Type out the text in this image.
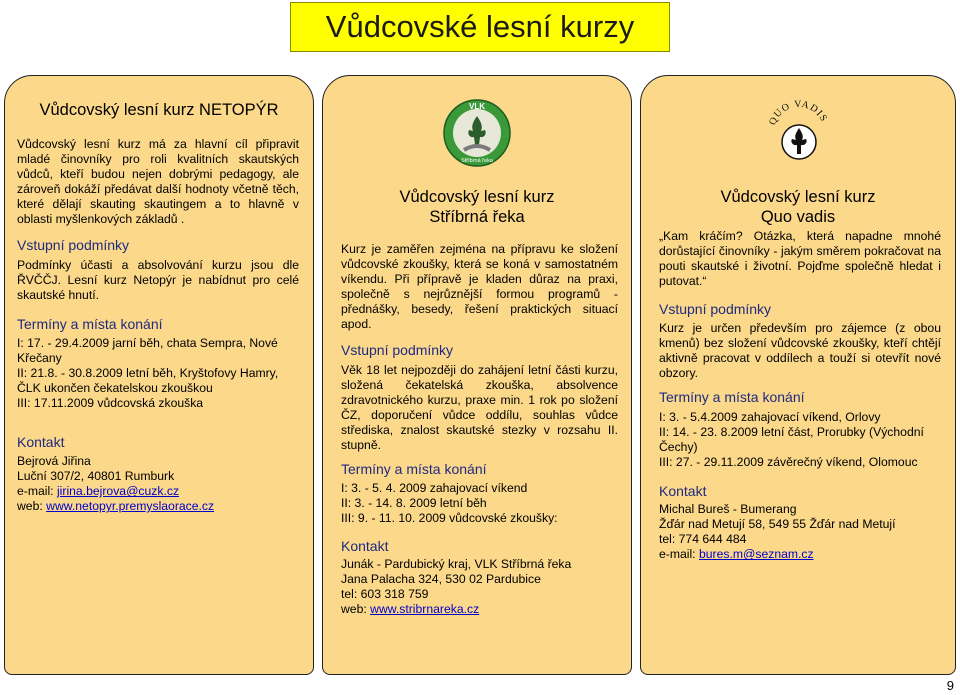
Vůdcovské lesní kurzy
Vůdcovský lesní kurz NETOPÝR
Vůdcovský lesní kurz má za hlavní cíl připravit mladé činovníky pro roli kvalitních skautských vůdců, kteří budou nejen dobrými pedagogy, ale zároveň dokáží předávat další hodnoty včetně těch, které dělají skauting skautingem a to hlavně v oblasti myšlenkových základů .
Vstupní podmínky
Podmínky účasti a absolvování kurzu jsou dle ŘVČČJ. Lesní kurz Netopýr je nabídnut pro celé skautské hnutí.
Termíny a místa konání
I: 17. - 29.4.2009 jarní běh, chata Sempra, Nové Křečany
II: 21.8. - 30.8.2009 letní běh, Kryštofovy Hamry, ČLK ukončen čekatelskou zkouškou
III: 17.11.2009 vůdcovská zkouška
Kontakt
Bejrová Jiřina
Luční 307/2, 40801 Rumburk
e-mail: jirina.bejrova@cuzk.cz
web: www.netopyr.premyslaorace.cz
VLK
Stříbrná řeka
Vůdcovský lesní kurz
Stříbrná řeka
Kurz je zaměřen zejména na přípravu ke složení vůdcovské zkoušky, která se koná v samostatném víkendu. Při přípravě je kladen důraz na praxi, společně s nejrůznější formou programů - přednášky, besedy, řešení praktických situací apod.
Vstupní podmínky
Věk 18 let nejpozději do zahájení letní části kurzu, složená čekatelská zkouška, absolvence zdravotnického kurzu, praxe min. 1 rok po složení ČZ, doporučení vůdce oddílu, souhlas vůdce střediska, znalost skautské stezky v rozsahu II. stupně.
Termíny a místa konání
I: 3. - 5. 4. 2009 zahajovací víkend
II: 3. - 14. 8. 2009 letní běh
III: 9. - 11. 10. 2009 vůdcovské zkoušky:
Kontakt
Junák - Pardubický kraj, VLK Stříbrná řeka
Jana Palacha 324, 530 02 Pardubice
tel: 603 318 759
web: www.stribrnareka.cz
QUO VADIS
Vůdcovský lesní kurz
Quo vadis
„Kam kráčím? Otázka, která napadne mnohé dorůstající činovníky - jakým směrem pokračovat na pouti skautské i životní. Pojďme společně hledat i putovat.“
Vstupní podmínky
Kurz je určen především pro zájemce (z obou kmenů) bez složení vůdcovské zkoušky, kteří chtějí aktivně pracovat v oddílech a touží si otevřít nové obzory.
Termíny a místa konání
I: 3. - 5.4.2009 zahajovací víkend, Orlovy
II: 14. - 23. 8.2009 letní část, Prorubky (Východní Čechy)
III: 27. - 29.11.2009 závěrečný víkend, Olomouc
Kontakt
Michal Bureš - Bumerang
Žďár nad Metují 58, 549 55 Žďár nad Metují
tel: 774 644 484
e-mail: bures.m@seznam.cz
9
